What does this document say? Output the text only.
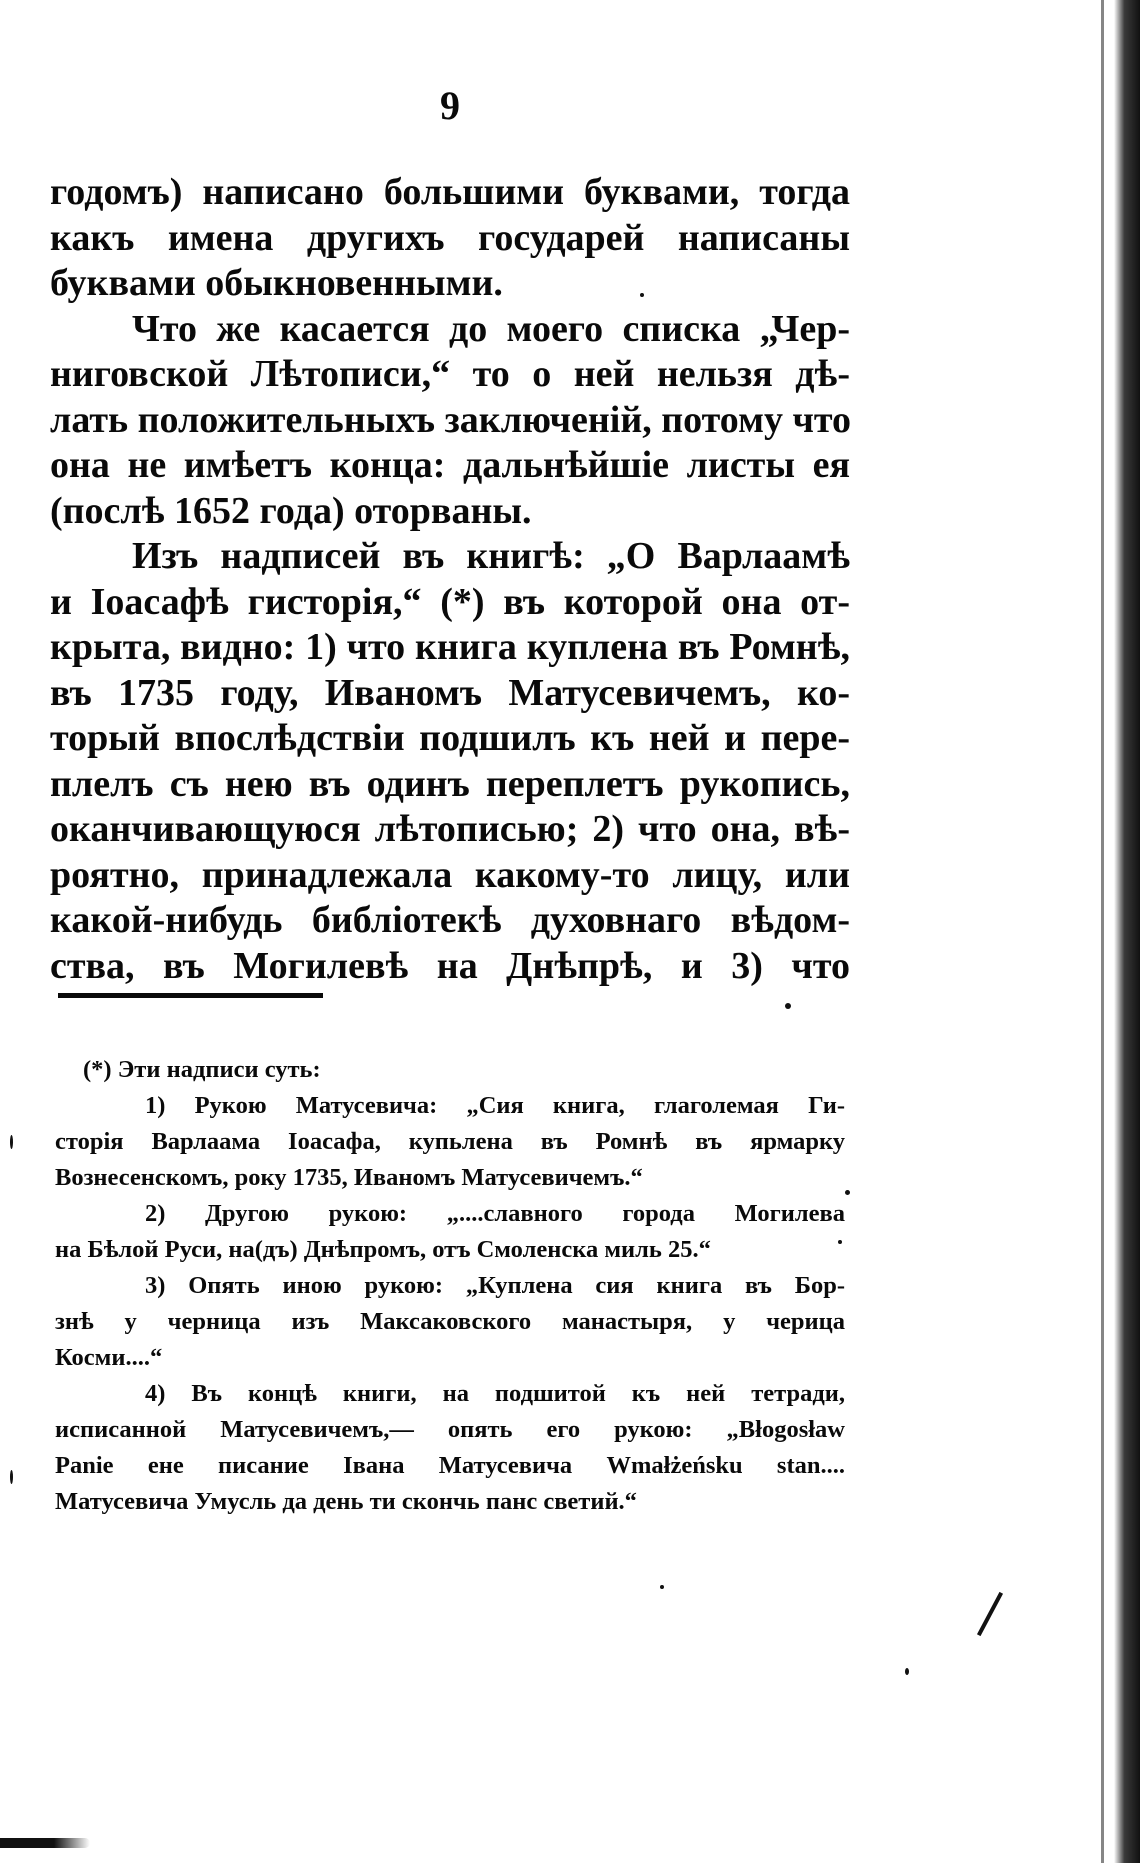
9
годомъ) написано большими буквами, тогда
какъ имена другихъ государей написаны
буквами обыкновенными.
Что же касается до моего списка „Чер-
ниговской Лѣтописи,“ то о ней нельзя дѣ-
лать положительныхъ заключеній, потому что
она не имѣетъ конца: дальнѣйшіе листы ея
(послѣ 1652 года) оторваны.
Изъ надписей въ книгѣ: „О Варлаамѣ
и Іоасафѣ гисторія,“ (*) въ которой она от-
крыта, видно: 1) что книга куплена въ Ромнѣ,
въ 1735 году, Иваномъ Матусевичемъ, ко-
торый впослѣдствіи подшилъ къ ней и пере-
плелъ съ нею въ одинъ переплетъ рукопись,
оканчивающуюся лѣтописью; 2) что она, вѣ-
роятно, принадлежала какому-то лицу, или
какой-нибудь библіотекѣ духовнаго вѣдом-
ства, въ Могилевѣ на Днѣпрѣ, и 3) что
(*) Эти надписи суть:
1) Рукою Матусевича: „Сия книга, глаголемая Ги-
сторія Варлаама Іоасафа, купьлена въ Ромнѣ въ ярмарку
Вознесенскомъ, року 1735, Иваномъ Матусевичемъ.“
2) Другою рукою: „....славного города Могилева
на Бѣлой Руси, на(дъ) Днѣпромъ, отъ Смоленска миль 25.“
3) Опять иною рукою: „Куплена сия книга въ Бор-
знѣ у черница изъ Максаковского манастыря, у черица
Косми....“
4) Въ концѣ книги, на подшитой къ ней тетради,
исписанной Матусевичемъ,— опять его рукою: „Błogosław
Panie ене писание Івана Матусевича Wmałżeńsku stan....
Матусевича Умусль да день ти скончь панс светий.“
